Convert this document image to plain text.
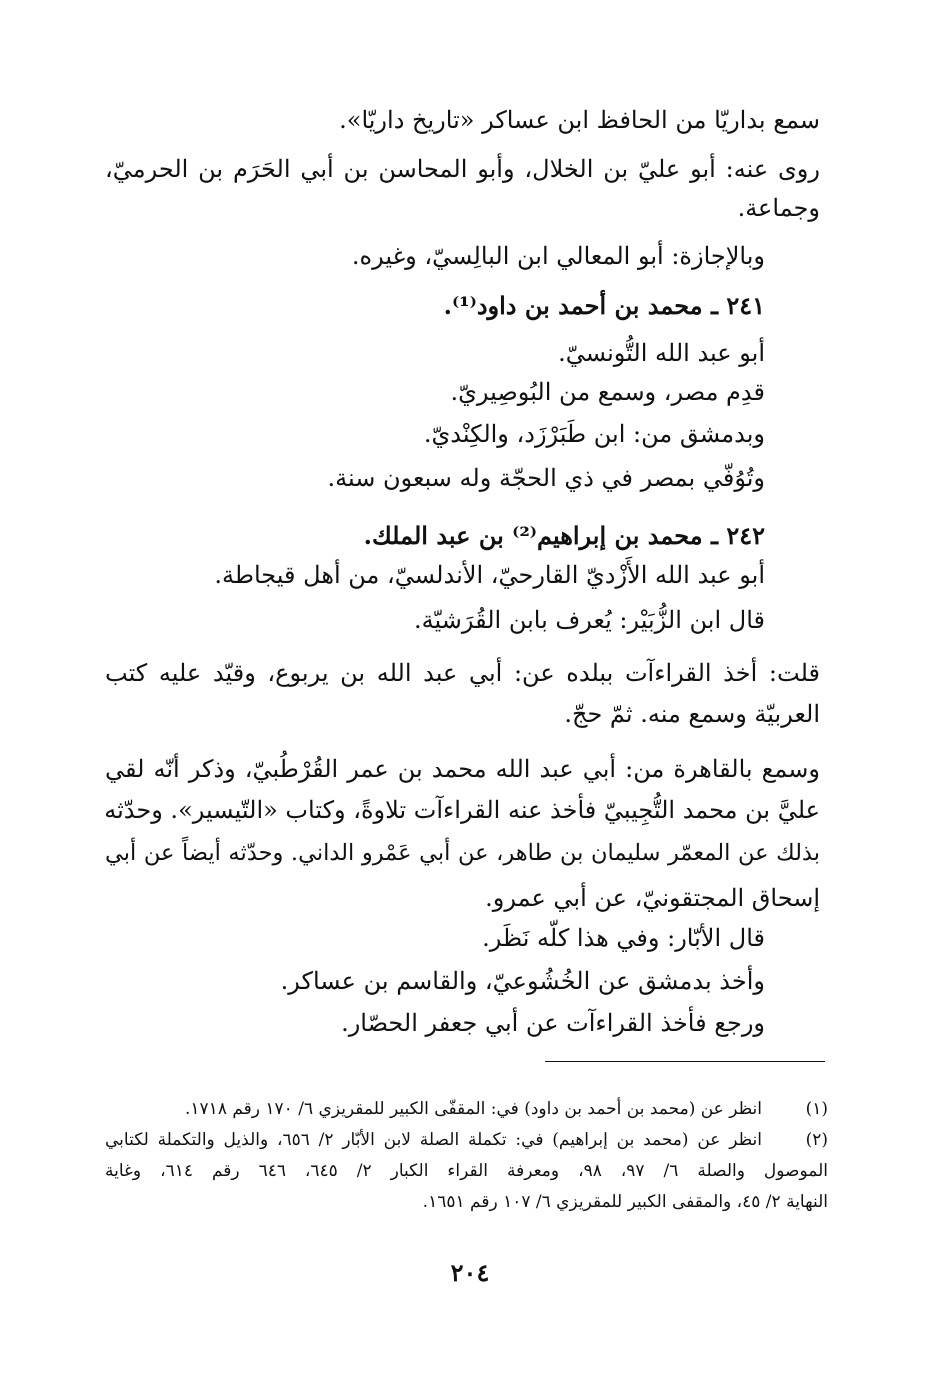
سمع بداريّا من الحافظ ابن عساكر «تاريخ داريّا».
روى عنه: أبو عليّ بن الخلال، وأبو المحاسن بن أبي الحَرَم بن الحرميّ،
وجماعة.
وبالإجازة: أبو المعالي ابن البالِسيّ، وغيره.
٢٤١ ـ محمد بن أحمد بن داود⁽¹⁾.
أبو عبد الله التُّونسيّ.
قدِم مصر، وسمع من البُوصِيريّ.
وبدمشق من: ابن طَبَرْزَد، والكِنْديّ.
وتُوُفّي بمصر في ذي الحجّة وله سبعون سنة.
٢٤٢ ـ محمد بن إبراهيم⁽²⁾ بن عبد الملك.
أبو عبد الله الأَزْديّ القارحيّ، الأندلسيّ، من أهل قيجاطة.
قال ابن الزُّبَيْر: يُعرف بابن القُرَشيّة.
قلت: أخذ القراءآت ببلده عن: أبي عبد الله بن يربوع، وقيّد عليه كتب
العربيّة وسمع منه. ثمّ حجّ.
وسمع بالقاهرة من: أبي عبد الله محمد بن عمر القُرْطُبيّ، وذكر أنّه لقي
عليَّ بن محمد التُّجِيبيّ فأخذ عنه القراءآت تلاوةً، وكتاب «التّيسير». وحدّثه
بذلك عن المعمّر سليمان بن طاهر، عن أبي عَمْرو الداني. وحدّثه أيضاً عن أبي
إسحاق المجتقونيّ، عن أبي عمرو.
قال الأبّار: وفي هذا كلّه نَظَر.
وأخذ بدمشق عن الخُشُوعيّ، والقاسم بن عساكر.
ورجع فأخذ القراءآت عن أبي جعفر الحصّار.
(١)
انظر عن (محمد بن أحمد بن داود) في: المقفّى الكبير للمقريزي ٦/ ١٧٠ رقم ١٧١٨.
(٢)
انظر عن (محمد بن إبراهيم) في: تكملة الصلة لابن الأبّار ٢/ ٦٥٦، والذيل والتكملة لكتابي
الموصول والصلة ٦/ ٩٧، ٩٨، ومعرفة القراء الكبار ٢/ ٦٤٥، ٦٤٦ رقم ٦١٤، وغاية
النهاية ٢/ ٤٥، والمقفى الكبير للمقريزي ٦/ ١٠٧ رقم ١٦٥١.
٢٠٤
